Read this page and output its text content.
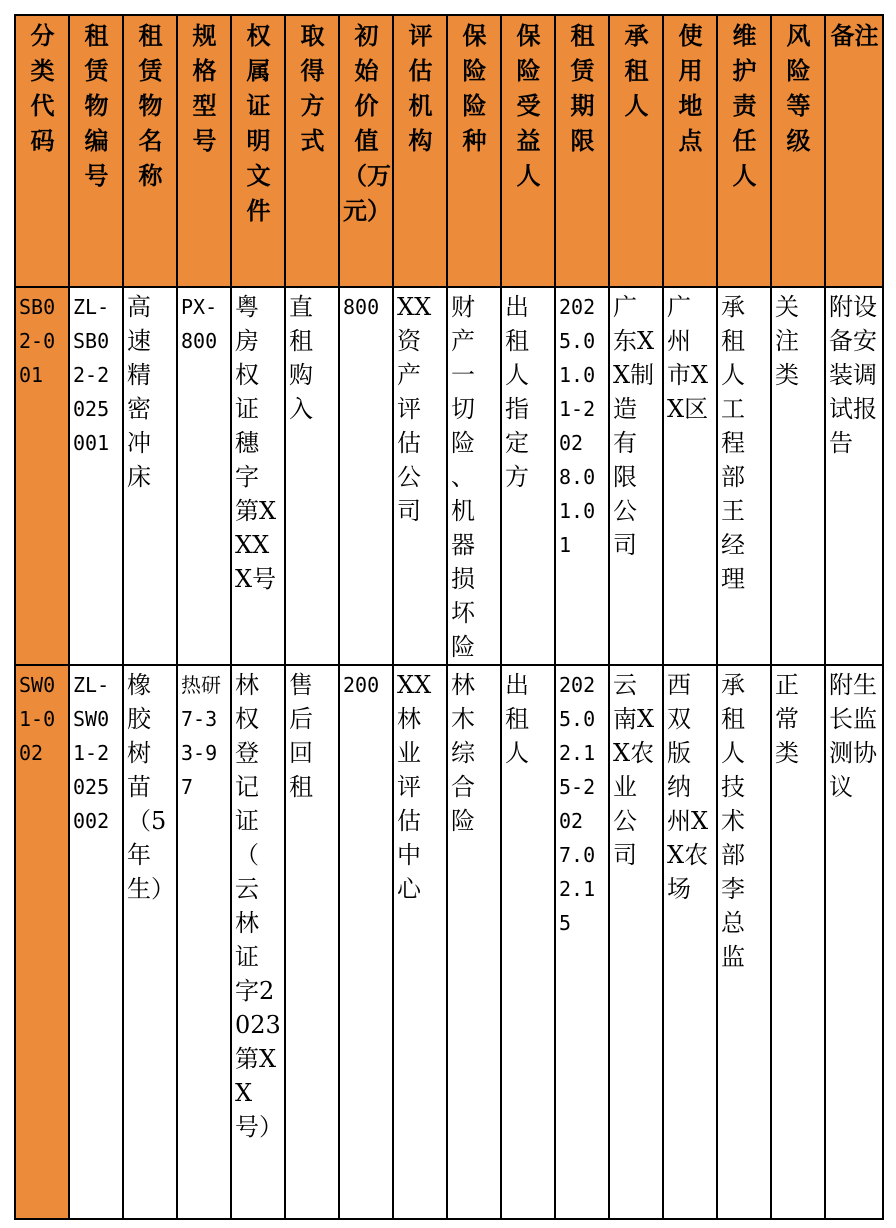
分类代码	租赁物编号	租赁物名称	规格型号	权属证明文件	取得方式	初始价值（万元）	评估机构	保险险种	保险受益人	租赁期限	承租人	使用地点	维护责任人	风险等级	备注
SB02-001	ZL-SB02-2025001	高速精密冲床	PX-800	粤房权证穗字第XXXX号	直租购入	800	XX资产评估公司	财产一切险、机器损坏险	出租人指定方	2025.01.01-2028.01.01	广东XX制造有限公司	广州市XX区	承租人工程部王经理	关注类	附设备安装调试报告
SW01-002	ZL-SW01-2025002	橡胶树苗（5年生）	热研7-33-97	林权登记证（云林证字2023第XX号）	售后回租	200	XX林业评估中心	林木综合险	出租人	2025.02.15-2027.02.15	云南XX农业公司	西双版纳州XX农场	承租人技术部李总监	正常类	附生长监测协议
